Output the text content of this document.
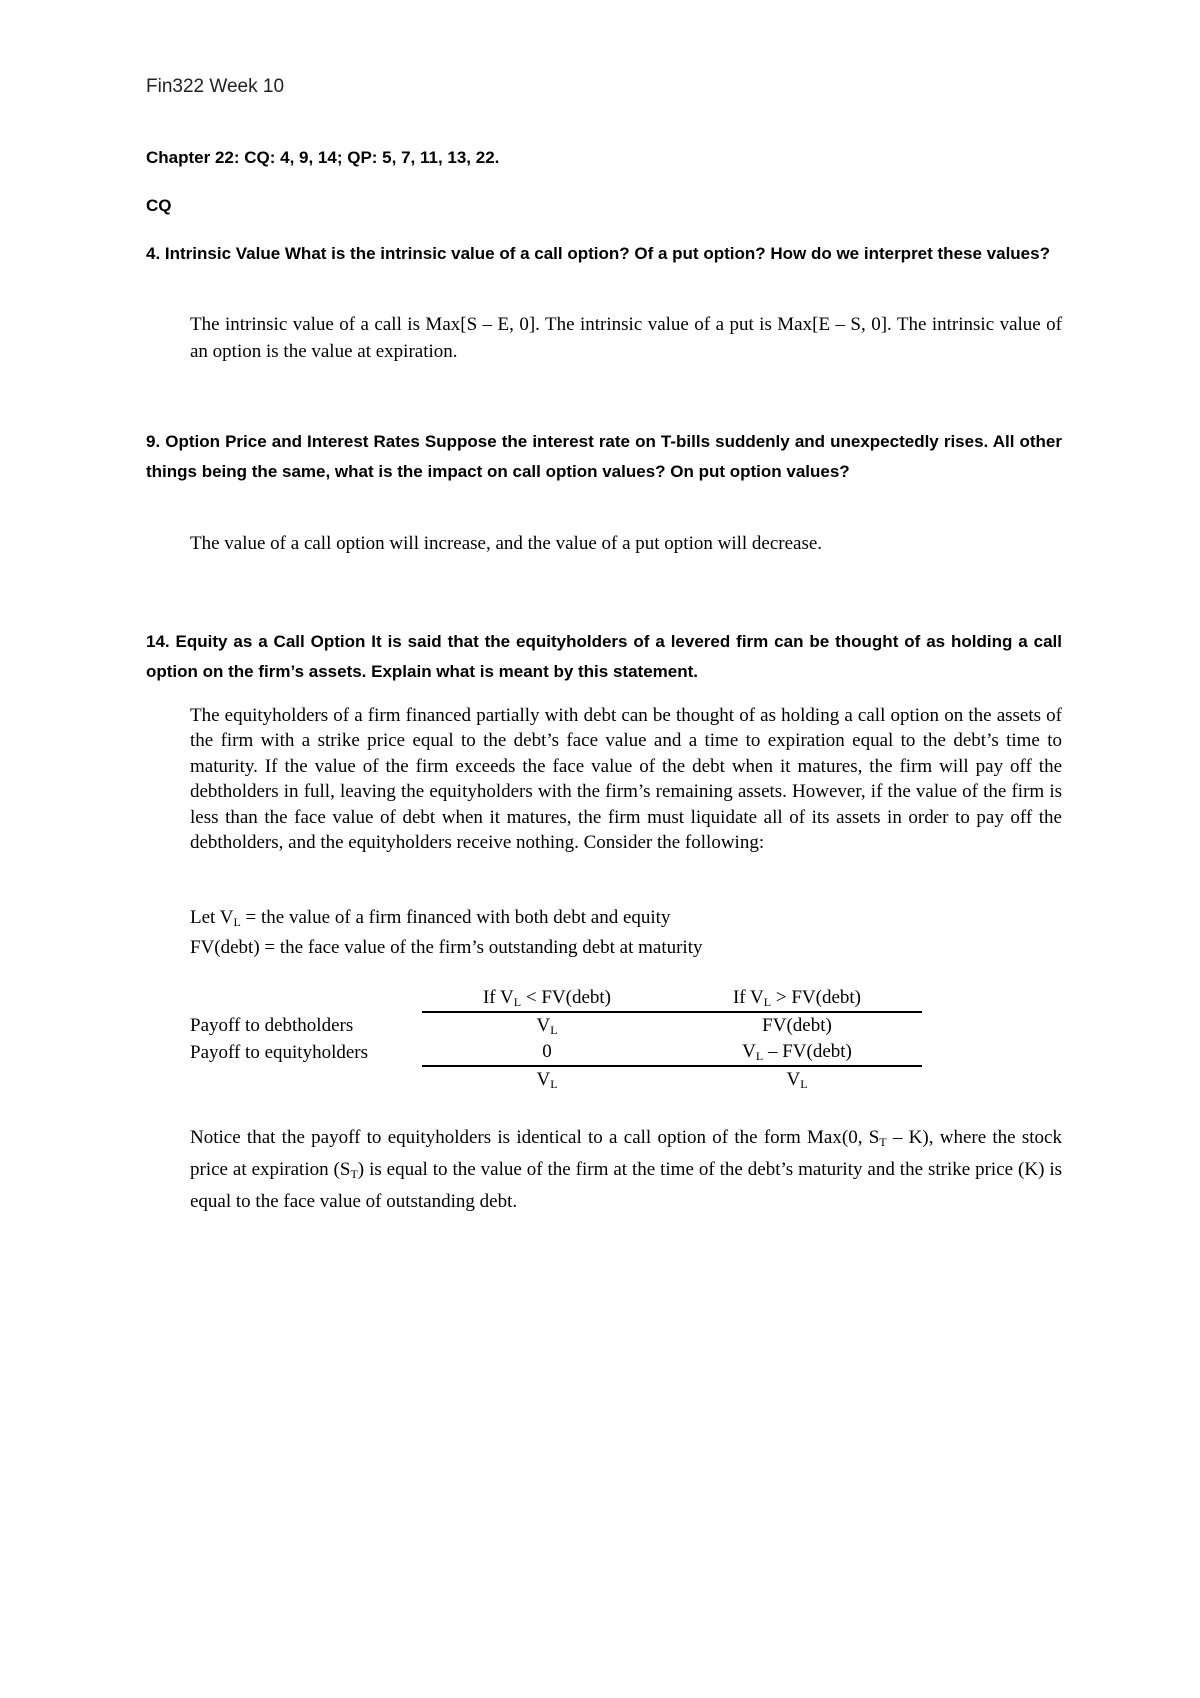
Fin322 Week 10
Chapter 22: CQ: 4, 9, 14; QP: 5, 7, 11, 13, 22.
CQ
4. Intrinsic Value What is the intrinsic value of a call option? Of a put option? How do we interpret these values?
The intrinsic value of a call is Max[S – E, 0]. The intrinsic value of a put is Max[E – S, 0]. The intrinsic value of an option is the value at expiration.
9. Option Price and Interest Rates Suppose the interest rate on T-bills suddenly and unexpectedly rises. All other things being the same, what is the impact on call option values? On put option values?
The value of a call option will increase, and the value of a put option will decrease.
14. Equity as a Call Option It is said that the equityholders of a levered firm can be thought of as holding a call option on the firm’s assets. Explain what is meant by this statement.
The equityholders of a firm financed partially with debt can be thought of as holding a call option on the assets of the firm with a strike price equal to the debt’s face value and a time to expiration equal to the debt’s time to maturity. If the value of the firm exceeds the face value of the debt when it matures, the firm will pay off the debtholders in full, leaving the equityholders with the firm’s remaining assets. However, if the value of the firm is less than the face value of debt when it matures, the firm must liquidate all of its assets in order to pay off the debtholders, and the equityholders receive nothing. Consider the following:
Let $V_L$ = the value of a firm financed with both debt and equity
FV(debt) = the face value of the firm’s outstanding debt at maturity
	If $V_L$ < FV(debt)	If $V_L$ > FV(debt)
Payoff to debtholders	$V_L$	FV(debt)
Payoff to equityholders	0	$V_L$ – FV(debt)
	$V_L$	$V_L$
Notice that the payoff to equityholders is identical to a call option of the form Max(0, $S_T - K$), where the stock price at expiration $(S_T)$ is equal to the value of the firm at the time of the debt’s maturity and the strike price (K) is equal to the face value of outstanding debt.
